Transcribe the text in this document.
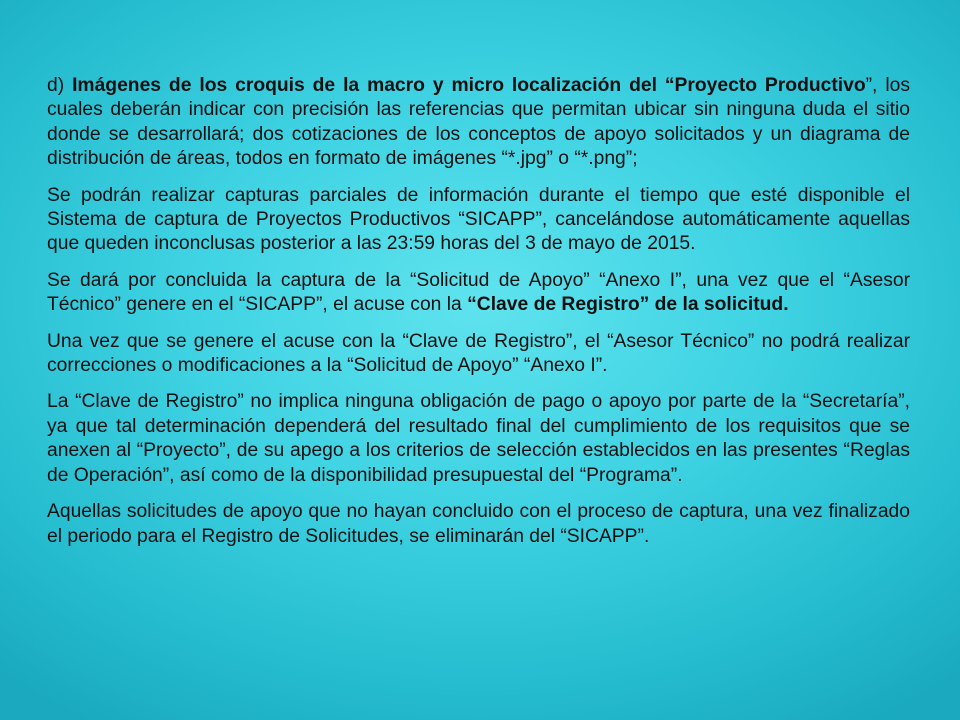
d) Imágenes de los croquis de la macro y micro localización del “Proyecto Productivo”, los cuales deberán indicar con precisión las referencias que permitan ubicar sin ninguna duda el sitio donde se desarrollará; dos cotizaciones de los conceptos de apoyo solicitados y un diagrama de distribución de áreas, todos en formato de imágenes “*.jpg” o “*.png”;

Se podrán realizar capturas parciales de información durante el tiempo que esté disponible el Sistema de captura de Proyectos Productivos “SICAPP”, cancelándose automáticamente aquellas que queden inconclusas posterior a las 23:59 horas del 3 de mayo de 2015.

Se dará por concluida la captura de la “Solicitud de Apoyo” “Anexo I”, una vez que el “Asesor Técnico” genere en el “SICAPP”, el acuse con la “Clave de Registro” de la solicitud.

Una vez que se genere el acuse con la “Clave de Registro”, el “Asesor Técnico” no podrá realizar correcciones o modificaciones a la “Solicitud de Apoyo” “Anexo I”.

La “Clave de Registro” no implica ninguna obligación de pago o apoyo por parte de la “Secretaría”, ya que tal determinación dependerá del resultado final del cumplimiento de los requisitos que se anexen al “Proyecto”, de su apego a los criterios de selección establecidos en las presentes “Reglas de Operación”, así como de la disponibilidad presupuestal del “Programa”.

Aquellas solicitudes de apoyo que no hayan concluido con el proceso de captura, una vez finalizado el periodo para el Registro de Solicitudes, se eliminarán del “SICAPP”.
